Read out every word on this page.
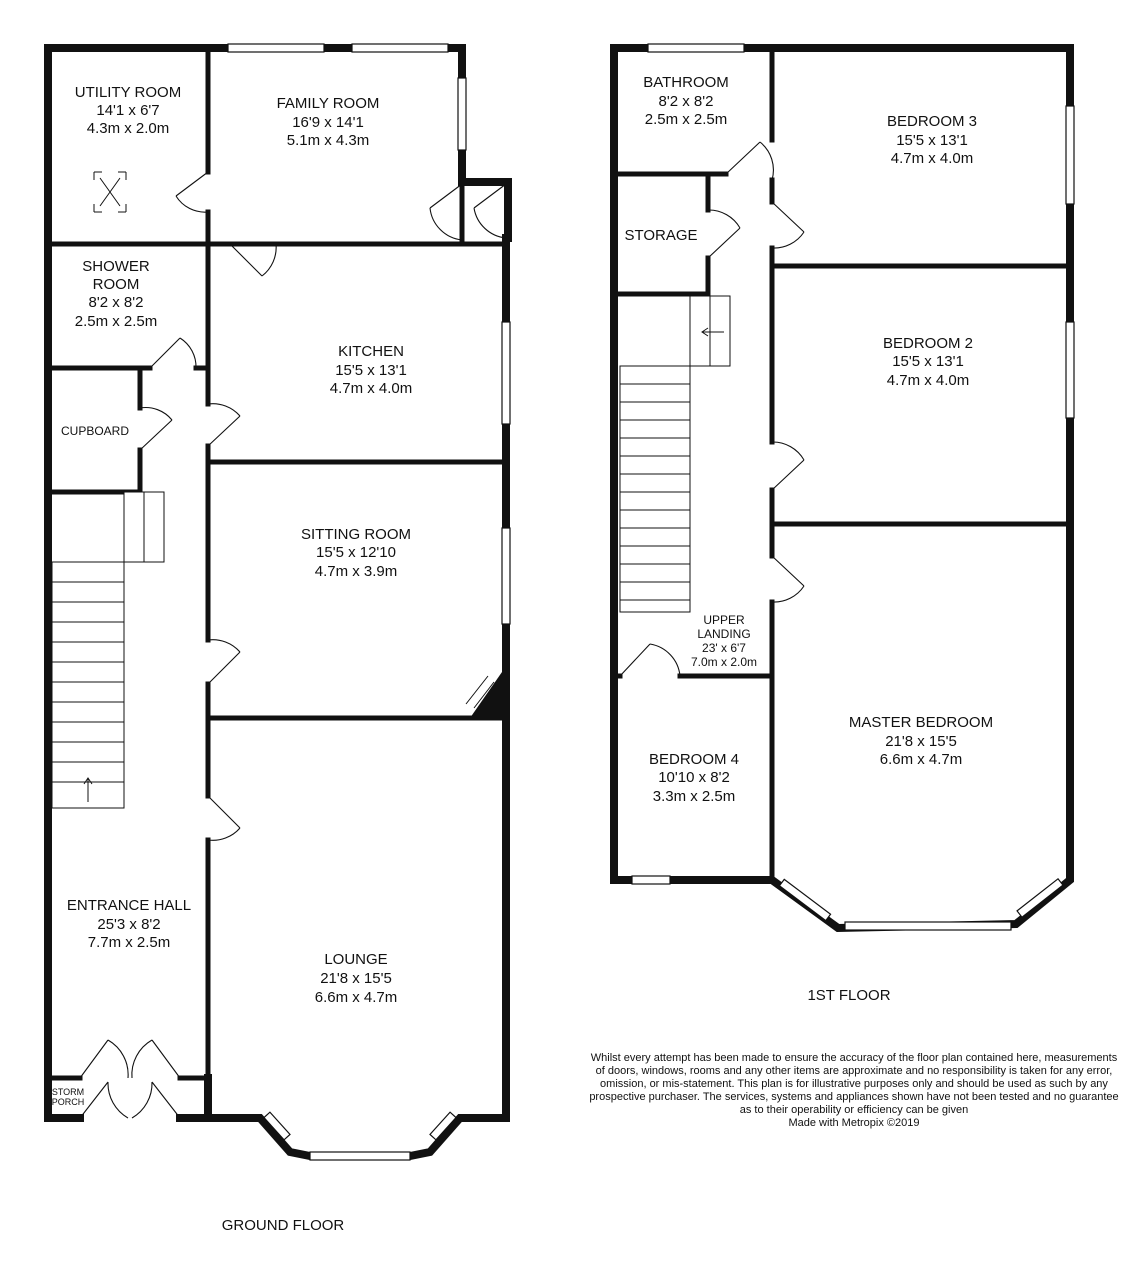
UTILITY ROOM
14'1 x 6'7
4.3m x 2.0m
FAMILY ROOM
16'9 x 14'1
5.1m x 4.3m
SHOWER
ROOM
8'2 x 8'2
2.5m x 2.5m
KITCHEN
15'5 x 13'1
4.7m x 4.0m
CUPBOARD
SITTING ROOM
15'5 x 12'10
4.7m x 3.9m
ENTRANCE HALL
25'3 x 8'2
7.7m x 2.5m
LOUNGE
21'8 x 15'5
6.6m x 4.7m
STORM
PORCH
GROUND FLOOR
BATHROOM
8'2 x 8'2
2.5m x 2.5m	BEDROOM 3
15'5 x 13'1
4.7m x 4.0m
STORAGE
BEDROOM 2
15'5 x 13'1
4.7m x 4.0m
UPPER
LANDING
23' x 6'7
7.0m x 2.0m
MASTER BEDROOM
21'8 x 15'5
6.6m x 4.7m
BEDROOM 4
10'10 x 8'2
3.3m x 2.5m
1ST FLOOR
Whilst every attempt has been made to ensure the accuracy of the floor plan contained here, measurements
of doors, windows, rooms and any other items are approximate and no responsibility is taken for any error,
omission, or mis-statement. This plan is for illustrative purposes only and should be used as such by any
prospective purchaser. The services, systems and appliances shown have not been tested and no guarantee
as to their operability or efficiency can be given
Made with Metropix ©2019
